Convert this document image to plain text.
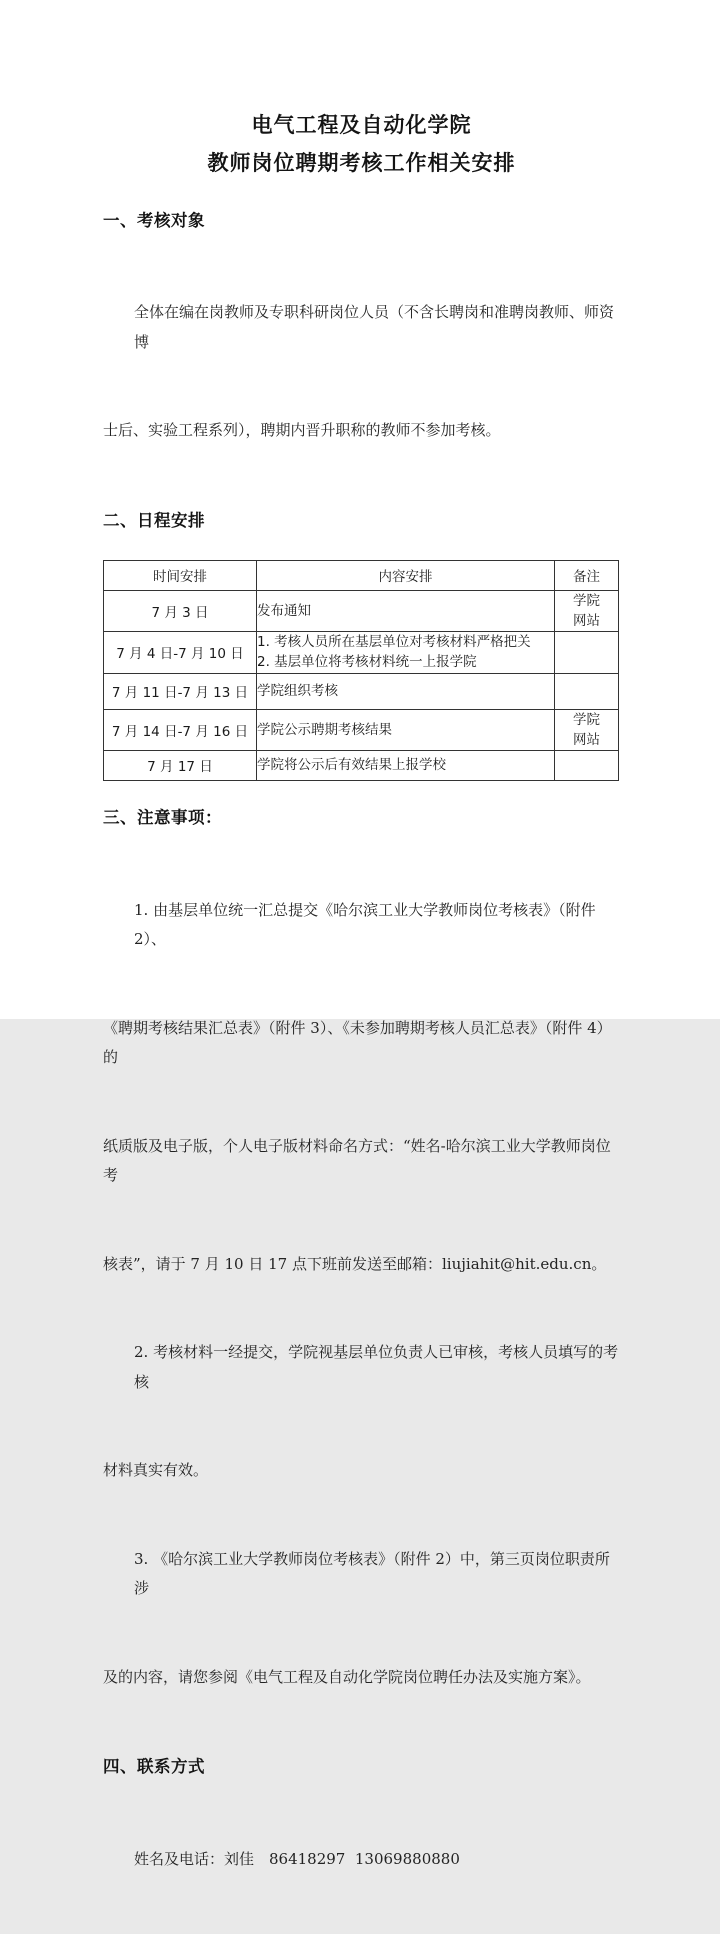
电气工程及自动化学院
教师岗位聘期考核工作相关安排
一、考核对象

全体在编在岗教师及专职科研岗位人员（不含长聘岗和准聘岗教师、师资博

士后、实验工程系列），聘期内晋升职称的教师不参加考核。

二、日程安排
时间安排	内容安排	备注
7 月 3 日	发布通知	学院
网站

7 月 4 日-7 月 10 日	1. 考核人员所在基层单位对考核材料严格把关
2. 基层单位将考核材料统一上报学院	

7 月 11 日-7 月 13 日	学院组织考核	

7 月 14 日-7 月 16 日	学院公示聘期考核结果	学院
网站

7 月 17 日	学院将公示后有效结果上报学校	

三、注意事项：

1. 由基层单位统一汇总提交《哈尔滨工业大学教师岗位考核表》（附件 2）、

《聘期考核结果汇总表》（附件 3）、《未参加聘期考核人员汇总表》（附件 4）的

纸质版及电子版，个人电子版材料命名方式：“姓名-哈尔滨工业大学教师岗位考

核表”，请于 7 月 10 日 17 点下班前发送至邮箱：liujiahit@hit.edu.cn。

2. 考核材料一经提交，学院视基层单位负责人已审核，考核人员填写的考核

材料真实有效。

3. 《哈尔滨工业大学教师岗位考核表》（附件 2）中，第三页岗位职责所涉

及的内容，请您参阅《电气工程及自动化学院岗位聘任办法及实施方案》。

四、联系方式

姓名及电话：刘佳　86418297  13069880880
